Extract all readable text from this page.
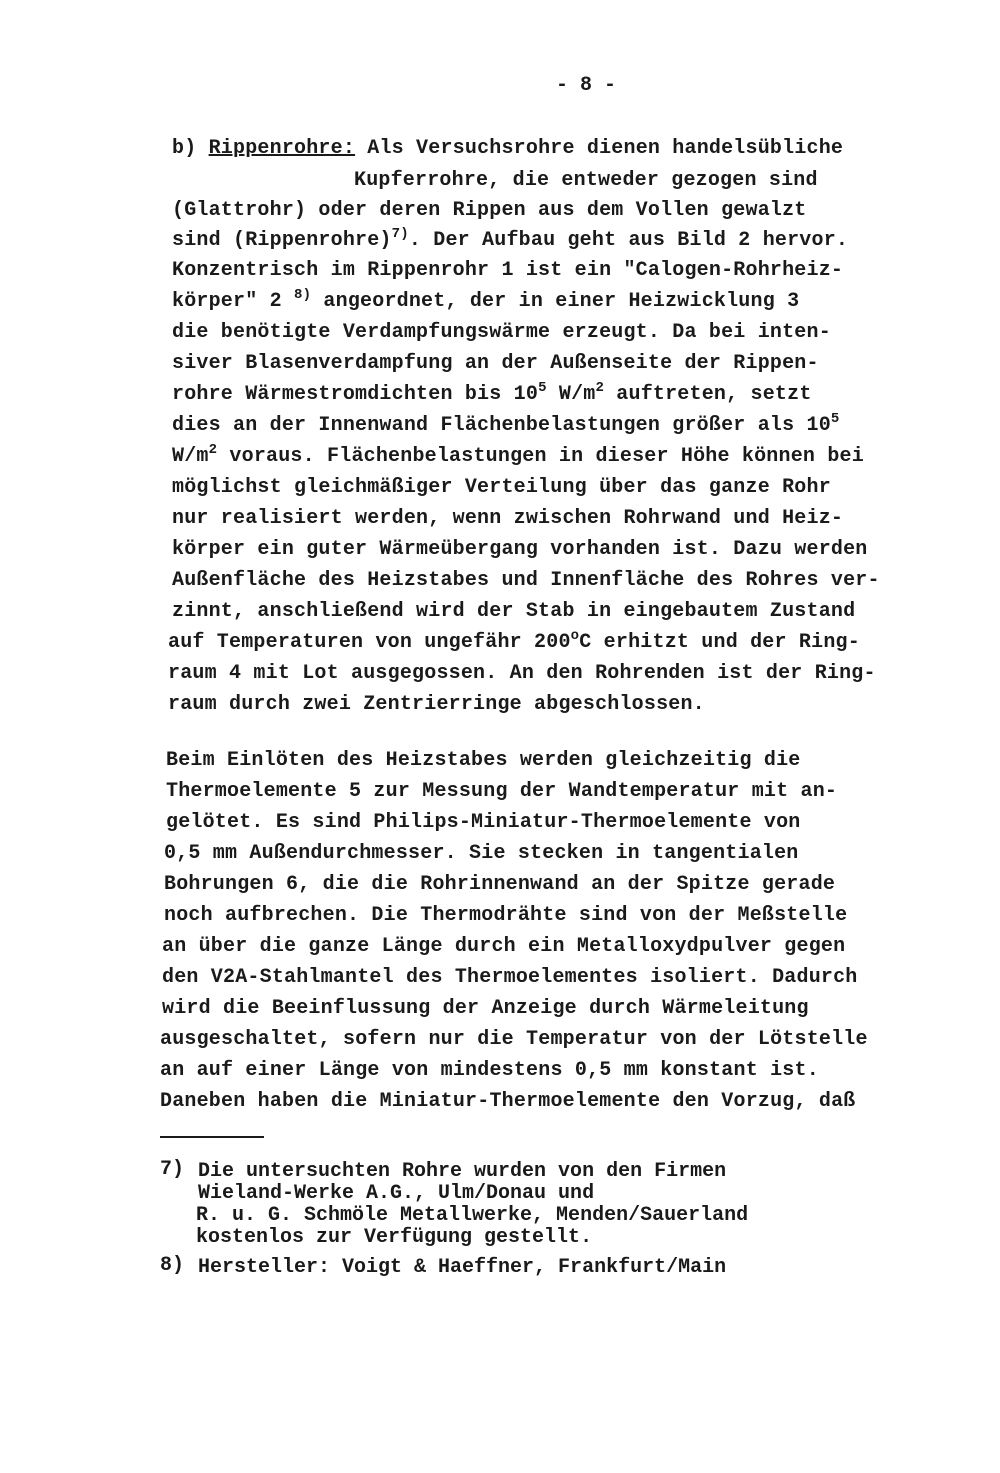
- 8 -
b) Rippenrohre: Als Versuchsrohre dienen handelsübliche
Kupferrohre, die entweder gezogen sind
(Glattrohr) oder deren Rippen aus dem Vollen gewalzt
sind (Rippenrohre)$^{7)}$. Der Aufbau geht aus Bild 2 hervor.
Konzentrisch im Rippenrohr 1 ist ein "Calogen-Rohrheiz-
körper" 2 $^{8)}$ angeordnet, der in einer Heizwicklung 3
die benötigte Verdampfungswärme erzeugt. Da bei inten-
siver Blasenverdampfung an der Außenseite der Rippen-
rohre Wärmestromdichten bis $10^5$ $W/m^2$ auftreten, setzt
dies an der Innenwand Flächenbelastungen größer als $10^5$
$W/m^2$ voraus. Flächenbelastungen in dieser Höhe können bei
möglichst gleichmäßiger Verteilung über das ganze Rohr
nur realisiert werden, wenn zwischen Rohrwand und Heiz-
körper ein guter Wärmeübergang vorhanden ist. Dazu werden
Außenfläche des Heizstabes und Innenfläche des Rohres ver-
zinnt, anschließend wird der Stab in eingebautem Zustand
auf Temperaturen von ungefähr 200$^o$C erhitzt und der Ring-
raum 4 mit Lot ausgegossen. An den Rohrenden ist der Ring-
raum durch zwei Zentrierringe abgeschlossen.
Beim Einlöten des Heizstabes werden gleichzeitig die
Thermoelemente 5 zur Messung der Wandtemperatur mit an-
gelötet. Es sind Philips-Miniatur-Thermoelemente von
0,5 mm Außendurchmesser. Sie stecken in tangentialen
Bohrungen 6, die die Rohrinnenwand an der Spitze gerade
noch aufbrechen. Die Thermodrähte sind von der Meßstelle
an über die ganze Länge durch ein Metalloxydpulver gegen
den V2A-Stahlmantel des Thermoelementes isoliert. Dadurch
wird die Beeinflussung der Anzeige durch Wärmeleitung
ausgeschaltet, sofern nur die Temperatur von der Lötstelle
an auf einer Länge von mindestens 0,5 mm konstant ist.
Daneben haben die Miniatur-Thermoelemente den Vorzug, daß
7) Die untersuchten Rohre wurden von den Firmen
Wieland-Werke A.G., Ulm/Donau und
R. u. G. Schmöle Metallwerke, Menden/Sauerland
kostenlos zur Verfügung gestellt.
8) Hersteller: Voigt & Haeffner, Frankfurt/Main
